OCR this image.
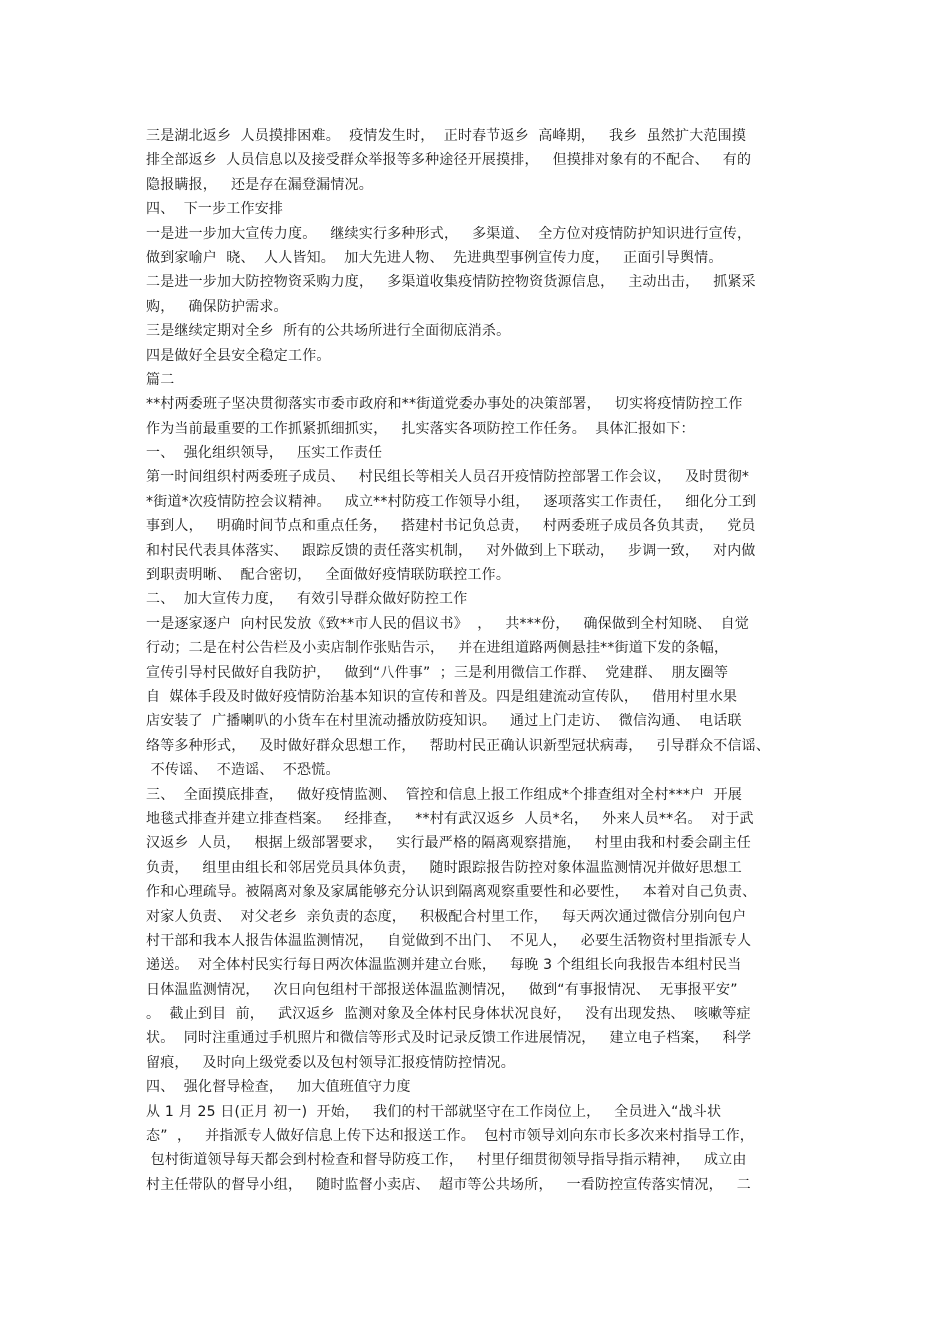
三是湖北返乡  人员摸排困难。  疫情发生时，  正时春节返乡  高峰期，   我乡  虽然扩大范围摸
排全部返乡  人员信息以及接受群众举报等多种途径开展摸排，   但摸排对象有的不配合、   有的
隐报瞒报，   还是存在漏登漏情况。
四、  下一步工作安排
一是进一步加大宣传力度。   继续实行多种形式，   多渠道、  全方位对疫情防护知识进行宣传，
做到家喻户  晓、  人人皆知。  加大先进人物、  先进典型事例宣传力度，   正面引导舆情。
二是进一步加大防控物资采购力度，   多渠道收集疫情防控物资货源信息，   主动出击，   抓紧采
购，   确保防护需求。
三是继续定期对全乡  所有的公共场所进行全面彻底消杀。
四是做好全县安全稳定工作。
篇二
**村两委班子坚决贯彻落实市委市政府和**街道党委办事处的决策部署，   切实将疫情防控工作
作为当前最重要的工作抓紧抓细抓实，   扎实落实各项防控工作任务。  具体汇报如下：
一、  强化组织领导，   压实工作责任
第一时间组织村两委班子成员、   村民组长等相关人员召开疫情防控部署工作会议，   及时贯彻*
*街道*次疫情防控会议精神。   成立**村防疫工作领导小组，   逐项落实工作责任，   细化分工到
事到人，   明确时间节点和重点任务，   搭建村书记负总责，   村两委班子成员各负其责，   党员
和村民代表具体落实、   跟踪反馈的责任落实机制，   对外做到上下联动，   步调一致，   对内做
到职责明晰、  配合密切，   全面做好疫情联防联控工作。
二、  加大宣传力度，   有效引导群众做好防控工作
一是逐家逐户  向村民发放《致**市人民的倡议书》  ，   共***份，   确保做到全村知晓、  自觉
行动；二是在村公告栏及小卖店制作张贴告示，   并在进组道路两侧悬挂**街道下发的条幅，
宣传引导村民做好自我防护，   做到“八件事”  ；三是利用微信工作群、  党建群、  朋友圈等
自  媒体手段及时做好疫情防治基本知识的宣传和普及。四是组建流动宣传队，   借用村里水果
店安装了  广播喇叭的小货车在村里流动播放防疫知识。   通过上门走访、  微信沟通、  电话联
络等多种形式，   及时做好群众思想工作，   帮助村民正确认识新型冠状病毒，   引导群众不信谣、
不传谣、  不造谣、  不恐慌。
三、  全面摸底排查，   做好疫情监测、  管控和信息上报工作组成*个排查组对全村***户  开展
地毯式排查并建立排查档案。   经排查，   **村有武汉返乡  人员*名，   外来人员**名。  对于武
汉返乡  人员，   根据上级部署要求，   实行最严格的隔离观察措施，   村里由我和村委会副主任
负责，   组里由组长和邻居党员具体负责，   随时跟踪报告防控对象体温监测情况并做好思想工
作和心理疏导。被隔离对象及家属能够充分认识到隔离观察重要性和必要性，   本着对自己负责、
对家人负责、  对父老乡  亲负责的态度，   积极配合村里工作，   每天两次通过微信分别向包户
村干部和我本人报告体温监测情况，   自觉做到不出门、  不见人，   必要生活物资村里指派专人
递送。  对全体村民实行每日两次体温监测并建立台账，   每晚 3 个组组长向我报告本组村民当
日体温监测情况，   次日向包组村干部报送体温监测情况，   做到“有事报情况、  无事报平安”
。  截止到目  前，   武汉返乡  监测对象及全体村民身体状况良好，   没有出现发热、  咳嗽等症
状。  同时注重通过手机照片和微信等形式及时记录反馈工作进展情况，   建立电子档案，   科学
留痕，   及时向上级党委以及包村领导汇报疫情防控情况。
四、  强化督导检查，   加大值班值守力度
从 1 月 25 日(正月 初一)  开始，   我们的村干部就坚守在工作岗位上，   全员进入“战斗状
态”  ，   并指派专人做好信息上传下达和报送工作。  包村市领导刘向东市长多次来村指导工作，
包村街道领导每天都会到村检查和督导防疫工作，   村里仔细贯彻领导指导指示精神，   成立由
村主任带队的督导小组，   随时监督小卖店、  超市等公共场所，   一看防控宣传落实情况，   二
